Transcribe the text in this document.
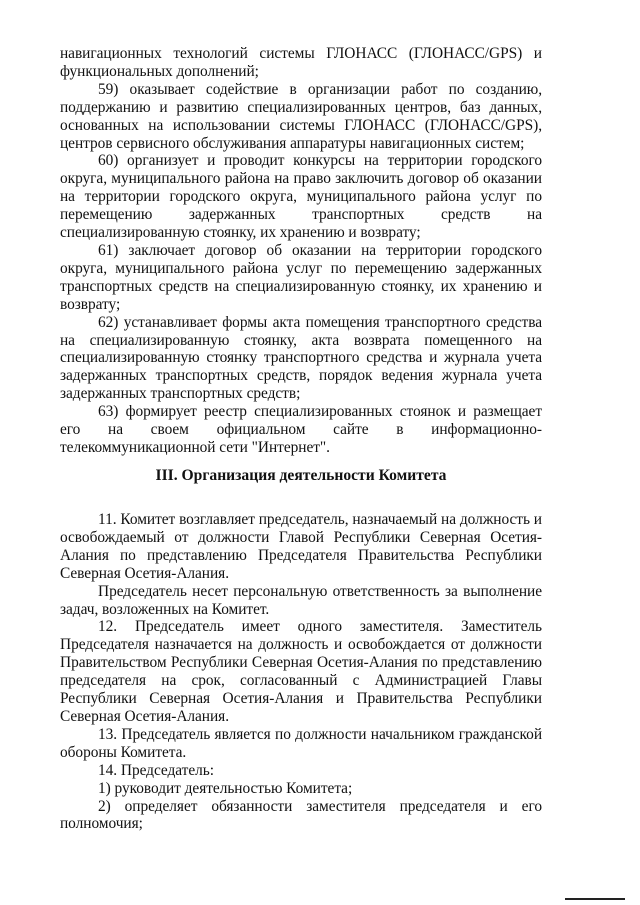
навигационных технологий системы ГЛОНАСС (ГЛОНАСС/GPS) и функциональных дополнений;

59) оказывает содействие в организации работ по созданию, поддержанию и развитию специализированных центров, баз данных, основанных на использовании системы ГЛОНАСС (ГЛОНАСС/GPS), центров сервисного обслуживания аппаратуры навигационных систем;

60) организует и проводит конкурсы на территории городского округа, муниципального района на право заключить договор об оказании на территории городского округа, муниципального района услуг по перемещению задержанных транспортных средств на специализированную стоянку, их хранению и возврату;

61) заключает договор об оказании на территории городского округа, муниципального района услуг по перемещению задержанных транспортных средств на специализированную стоянку, их хранению и возврату;

62) устанавливает формы акта помещения транспортного средства на специализированную стоянку, акта возврата помещенного на специализированную стоянку транспортного средства и журнала учета задержанных транспортных средств, порядок ведения журнала учета задержанных транспортных средств;

63) формирует реестр специализированных стоянок и размещает его на своем официальном сайте в информационно-телекоммуникационной сети "Интернет".

III. Организация деятельности Комитета

11. Комитет возглавляет председатель, назначаемый на должность и освобождаемый от должности Главой Республики Северная Осетия-Алания по представлению Председателя Правительства Республики Северная Осетия-Алания.

Председатель несет персональную ответственность за выполнение задач, возложенных на Комитет.

12. Председатель имеет одного заместителя. Заместитель Председателя назначается на должность и освобождается от должности Правительством Республики Северная Осетия-Алания по представлению председателя на срок, согласованный с Администрацией Главы Республики Северная Осетия-Алания и Правительства Республики Северная Осетия-Алания.

13. Председатель является по должности начальником гражданской обороны Комитета.

14. Председатель:

1) руководит деятельностью Комитета;

2) определяет обязанности заместителя председателя и его полномочия;
